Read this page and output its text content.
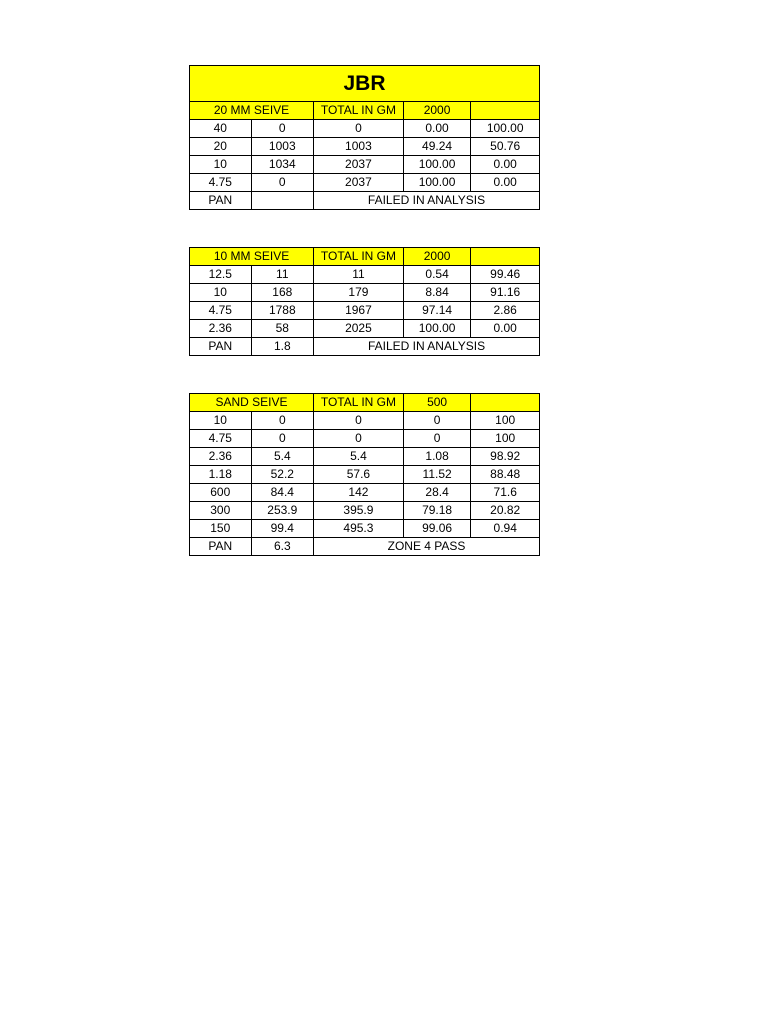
JBR				
20 MM SEIVE		TOTAL IN GM	2000	
40	0	0	0.00	100.00
20	1003	1003	49.24	50.76
10	1034	2037	100.00	0.00
4.75	0	2037	100.00	0.00
PAN		FAILED IN ANALYSIS		
10 MM SEIVE		TOTAL IN GM	2000	
12.5	11	11	0.54	99.46
10	168	179	8.84	91.16
4.75	1788	1967	97.14	2.86
2.36	58	2025	100.00	0.00
PAN	1.8	FAILED IN ANALYSIS		
SAND SEIVE		TOTAL IN GM	500	
10	0	0	0	100
4.75	0	0	0	100
2.36	5.4	5.4	1.08	98.92
1.18	52.2	57.6	11.52	88.48
600	84.4	142	28.4	71.6
300	253.9	395.9	79.18	20.82
150	99.4	495.3	99.06	0.94
PAN	6.3	ZONE 4 PASS		
